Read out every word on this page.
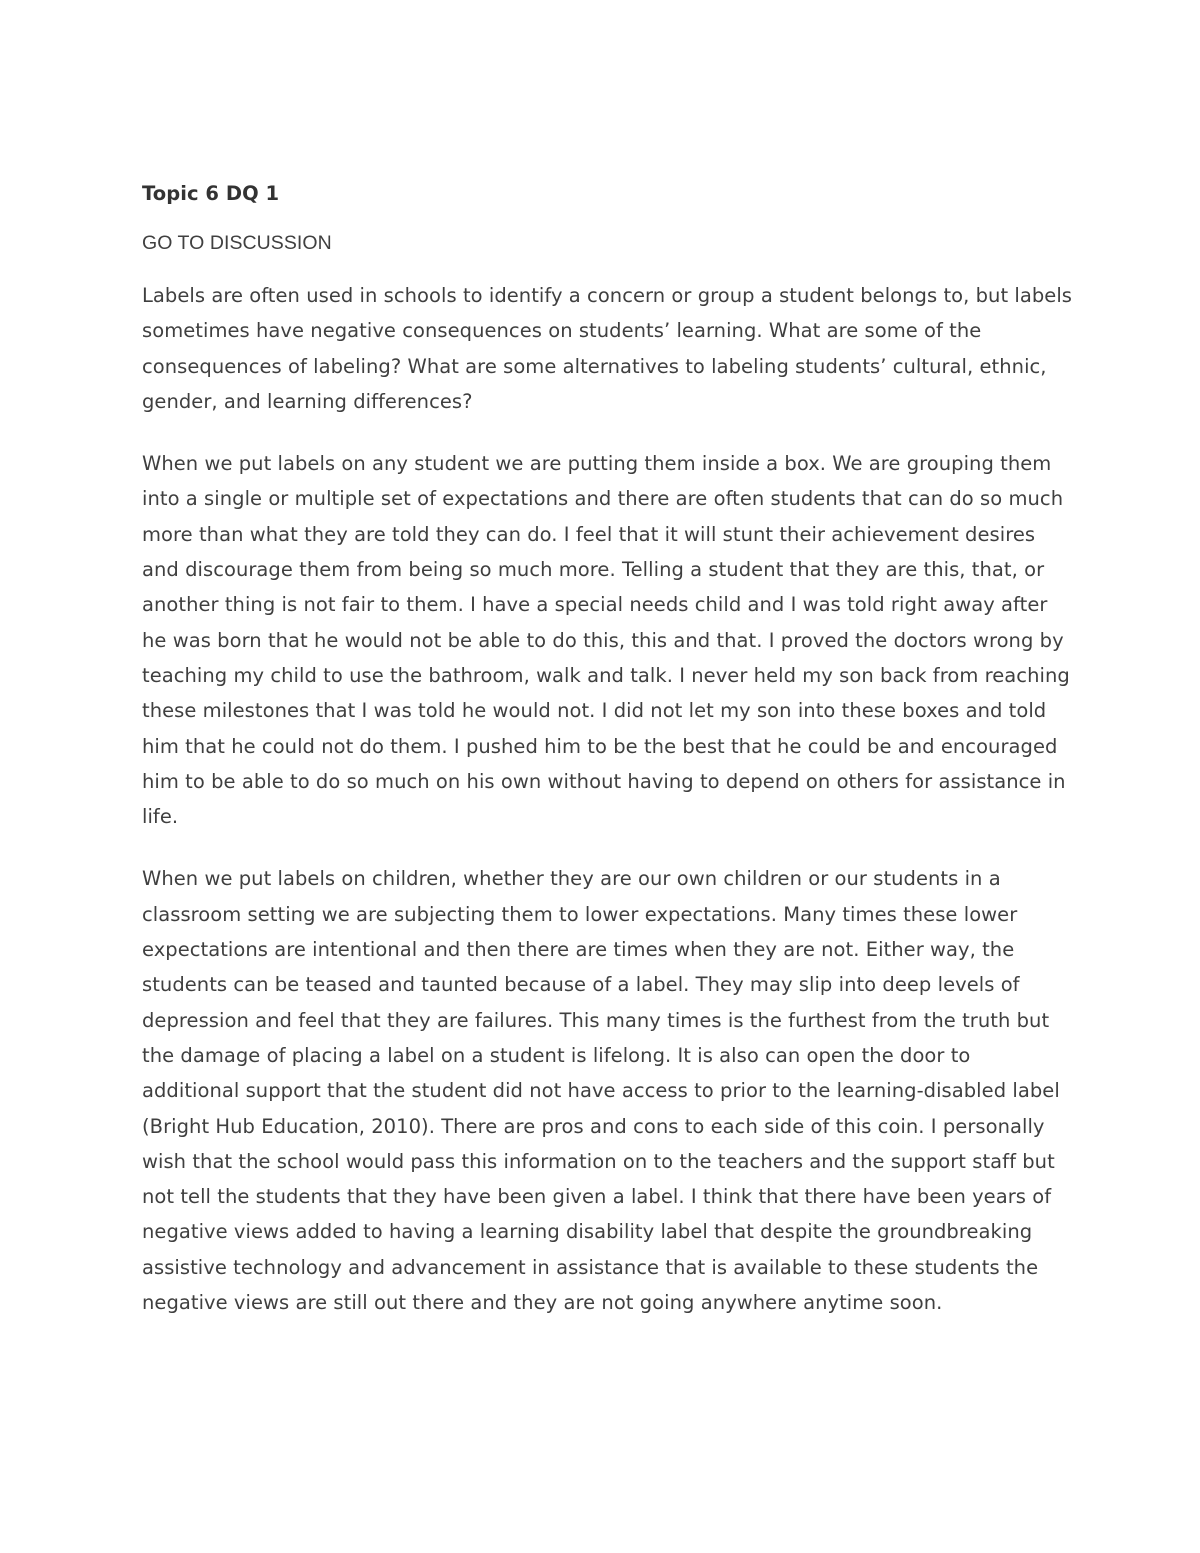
Topic 6 DQ 1
GO TO DISCUSSION

Labels are often used in schools to identify a concern or group a student belongs to, but labels sometimes have negative consequences on students’ learning. What are some of the consequences of labeling? What are some alternatives to labeling students’ cultural, ethnic, gender, and learning differences?

When we put labels on any student we are putting them inside a box. We are grouping them into a single or multiple set of expectations and there are often students that can do so much more than what they are told they can do. I feel that it will stunt their achievement desires and discourage them from being so much more. Telling a student that they are this, that, or another thing is not fair to them. I have a special needs child and I was told right away after he was born that he would not be able to do this, this and that. I proved the doctors wrong by teaching my child to use the bathroom, walk and talk. I never held my son back from reaching these milestones that I was told he would not. I did not let my son into these boxes and told him that he could not do them. I pushed him to be the best that he could be and encouraged him to be able to do so much on his own without having to depend on others for assistance in life.

When we put labels on children, whether they are our own children or our students in a classroom setting we are subjecting them to lower expectations. Many times these lower expectations are intentional and then there are times when they are not. Either way, the students can be teased and taunted because of a label. They may slip into deep levels of depression and feel that they are failures. This many times is the furthest from the truth but the damage of placing a label on a student is lifelong. It is also can open the door to additional support that the student did not have access to prior to the learning-disabled label (Bright Hub Education, 2010). There are pros and cons to each side of this coin. I personally wish that the school would pass this information on to the teachers and the support staff but not tell the students that they have been given a label. I think that there have been years of negative views added to having a learning disability label that despite the groundbreaking assistive technology and advancement in assistance that is available to these students the negative views are still out there and they are not going anywhere anytime soon.
